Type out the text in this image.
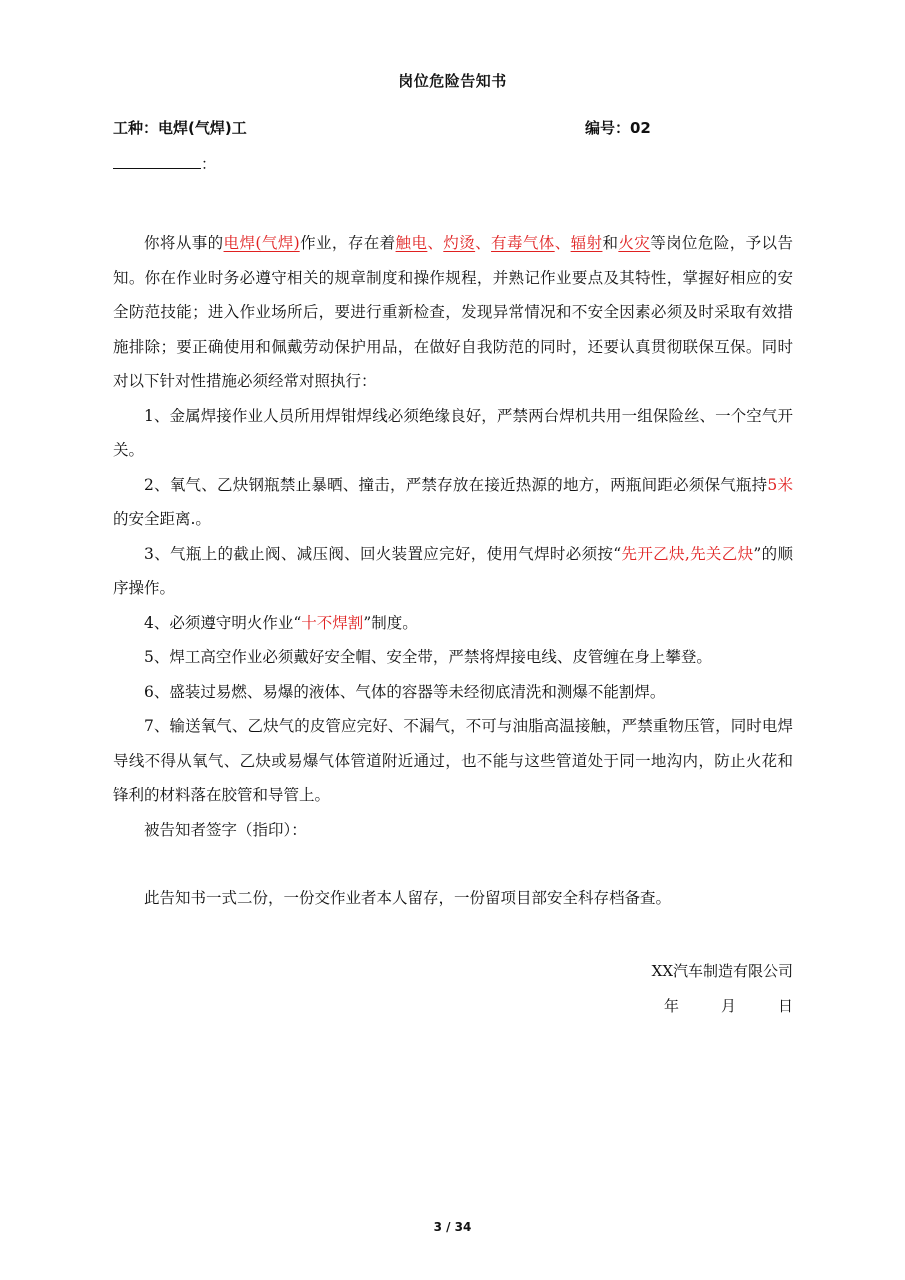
岗位危险告知书
工种：电焊(气焊)工	编号：02
：

你将从事的电焊(气焊)作业，存在着触电、灼烫、有毒气体、辐射和火灾等岗位危险，予以告知。你在作业时务必遵守相关的规章制度和操作规程，并熟记作业要点及其特性，掌握好相应的安全防范技能；进入作业场所后，要进行重新检查，发现异常情况和不安全因素必须及时采取有效措施排除；要正确使用和佩戴劳动保护用品，在做好自我防范的同时，还要认真贯彻联保互保。同时对以下针对性措施必须经常对照执行：

1、金属焊接作业人员所用焊钳焊线必须绝缘良好，严禁两台焊机共用一组保险丝、一个空气开关。

2、氧气、乙炔钢瓶禁止暴晒、撞击，严禁存放在接近热源的地方，两瓶间距必须保气瓶持5米的安全距离.。

3、气瓶上的截止阀、减压阀、回火装置应完好，使用气焊时必须按“先开乙炔,先关乙炔”的顺序操作。

4、必须遵守明火作业“十不焊割”制度。

5、焊工高空作业必须戴好安全帽、安全带，严禁将焊接电线、皮管缠在身上攀登。

6、盛装过易燃、易爆的液体、气体的容器等未经彻底清洗和测爆不能割焊。

7、输送氧气、乙炔气的皮管应完好、不漏气，不可与油脂高温接触，严禁重物压管，同时电焊导线不得从氧气、乙炔或易爆气体管道附近通过，也不能与这些管道处于同一地沟内，防止火花和锋利的材料落在胶管和导管上。

被告知者签字（指印）：

此告知书一式二份，一份交作业者本人留存，一份留项目部安全科存档备查。

XX汽车制造有限公司
年	月	日
3 / 34
